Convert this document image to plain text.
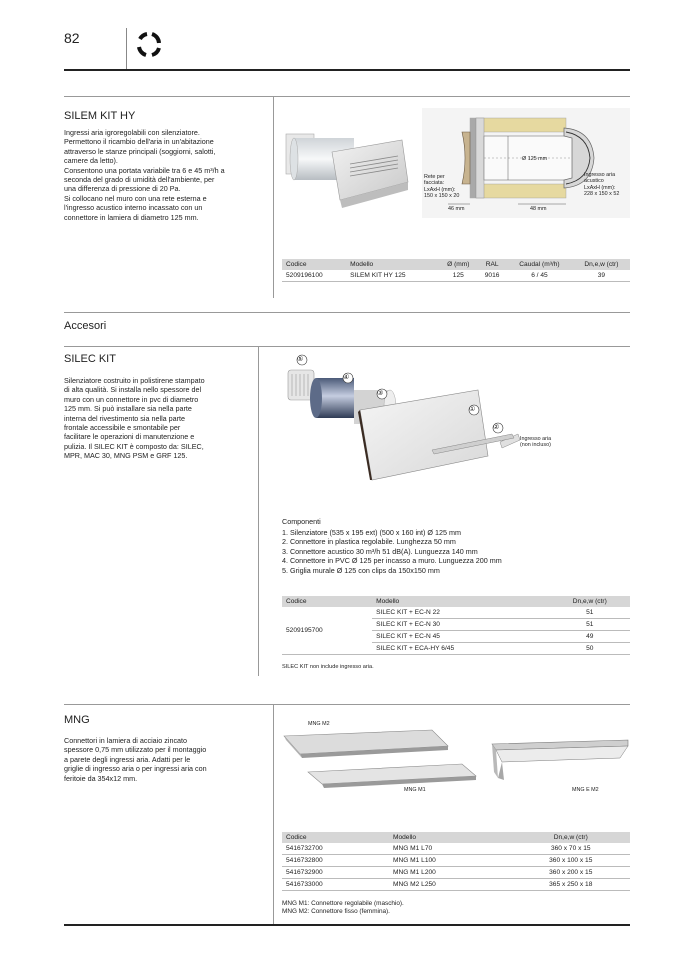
82
SILEM KIT HY
Ingressi aria igroregolabili con silenziatore.
Permettono il ricambio dell'aria in un'abitazione
attraverso le stanze principali (soggiorni, salotti,
camere da letto).
Consentono una portata variabile tra 6 e 45 m³/h a
seconda del grado di umidità dell'ambiente, per
una differenza di pressione di 20 Pa.
Si collocano nel muro con una rete esterna e
l'ingresso acustico interno incassato con un
connettore in lamiera di diametro 125 mm.
Ø 125 mm
Rete per
facciata:
LxAxH (mm):
150 x 150 x 20
Ingresso aria
acustico
LxAxH (mm):
228 x 150 x 52
46 mm	48 mm
Codice	Modello	Ø (mm)	RAL	Caudal (m³/h)	Dn,e,w (ctr)
5209196100	SILEM KIT HY 125	125	9016	6 / 45	39
Accesori
SILEC KIT
Silenziatore costruito in polistirene stampato
di alta qualità. Si installa nello spessore del
muro con un connettore in pvc di diametro
125 mm. Si può installare sia nella parte
interna del rivestimento sia nella parte
frontale accessibile e smontabile per
facilitare le operazioni di manutenzione e
pulizia. Il SILEC KIT è composto da: SILEC,
MPR, MAC 30, MNG PSM e GRF 125.
⑤
④
③
①
②
Ingresso aria
(non incluso)
Componenti
1. Silenziatore (535 x 195 ext) (500 x 160 int) Ø 125 mm
2. Connettore in plastica regolabile. Lunghezza 50 mm
3. Connettore acustico 30 m³/h 51 dB(A). Lunguezza 140 mm
4. Connettore in PVC Ø 125 per incasso a muro. Lunguezza 200 mm
5. Griglia murale Ø 125 con clips da 150x150 mm
Codice	Modello	Dn,e,w (ctr)
5209195700	SILEC KIT + EC-N 22	51
	SILEC KIT + EC-N 30	51
	SILEC KIT + EC-N 45	49
	SILEC KIT + ECA-HY 6/45	50
SILEC KIT non include ingresso aria.
MNG
Connettori in lamiera di acciaio zincato
spessore 0,75 mm utilizzato per il montaggio
a parete degli ingressi aria. Adatti per le
griglie di ingresso aria o per ingressi aria con
feritoie da 354x12 mm.
MNG M2
MNG M1	MNG E M2
Codice	Modello	Dn,e,w (ctr)
5416732700	MNG M1 L70	360 x 70 x 15
5416732800	MNG M1 L100	360 x 100 x 15
5416732900	MNG M1 L200	360 x 200 x 15
5416733000	MNG M2 L250	365 x 250 x 18
MNG M1: Connettore regolabile (maschio).
MNG M2: Connettore fisso (femmina).
